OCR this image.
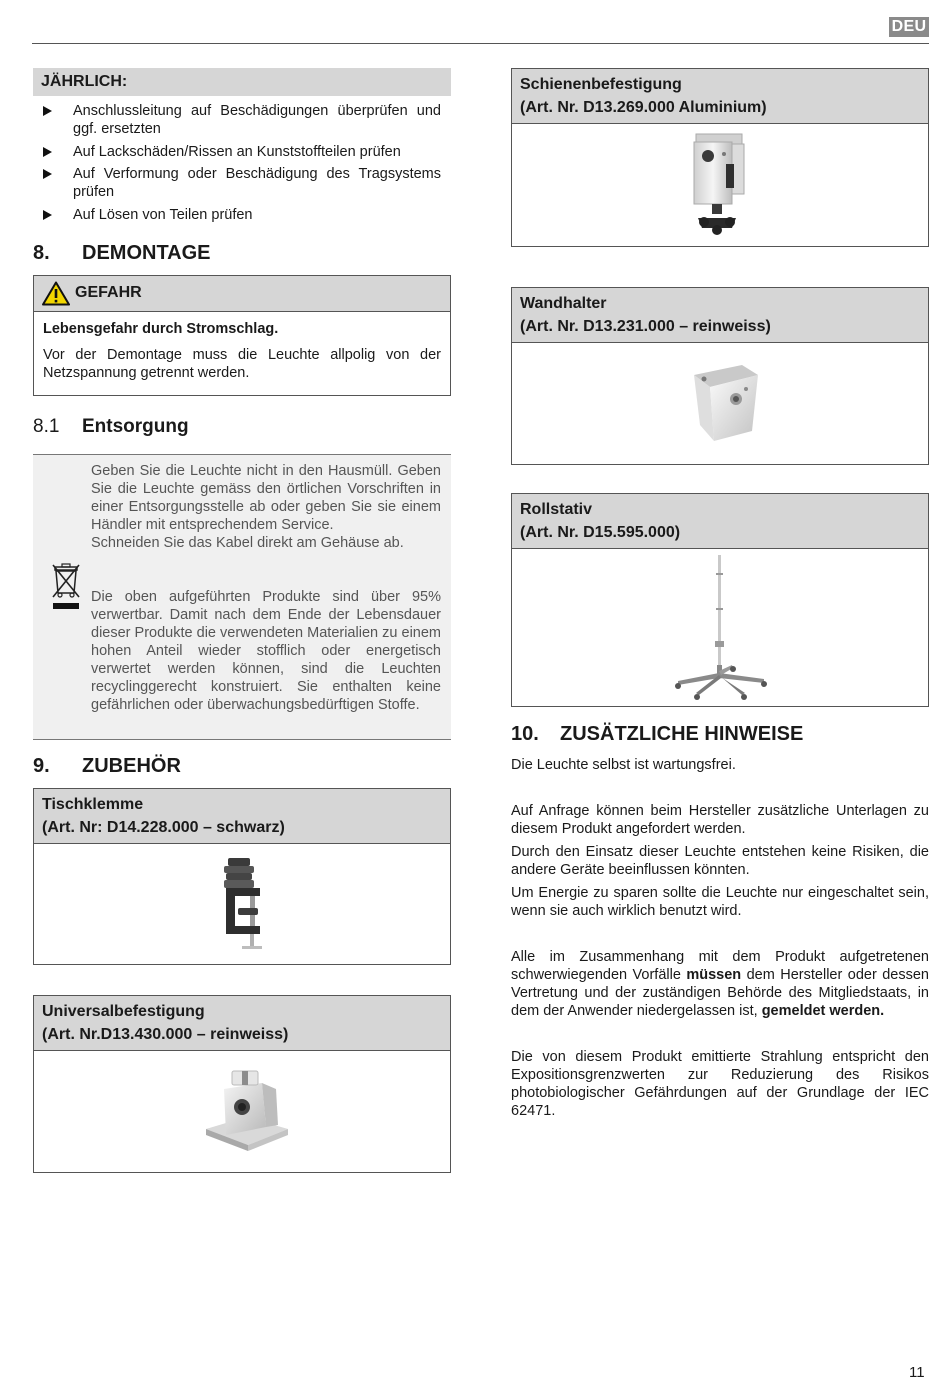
DEU
JÄHRLICH:
Anschlussleitung auf Beschädigungen überprüfen und ggf. ersetzten
Auf Lackschäden/Rissen an Kunststoffteilen prüfen
Auf Verformung oder Beschädigung des Tragsystems prüfen
Auf Lösen von Teilen prüfen
8.	DEMONTAGE
GEFAHR

Lebensgefahr durch Stromschlag.

Vor der Demontage muss die Leuchte allpolig von der Netzspannung getrennt werden.

8.1	Entsorgung

Geben Sie die Leuchte nicht in den Hausmüll. Geben Sie die Leuchte gemäss den örtlichen Vorschriften in einer Entsorgungsstelle ab oder geben Sie sie einem Händler mit entsprechendem Service.

Schneiden Sie das Kabel direkt am Gehäuse ab.

Die oben aufgeführten Produkte sind über 95% verwertbar. Damit nach dem Ende der Lebensdauer dieser Produkte die verwendeten Materialien zu einem hohen Anteil wieder stofflich oder energetisch verwertet werden können, sind die Leuchten recyclinggerecht konstruiert. Sie enthalten keine gefährlichen oder überwachungsbedürftigen Stoffe.

9.	ZUBEHÖR
Tischklemme
(Art. Nr: D14.228.000 – schwarz)
Universalbefestigung
(Art. Nr.D13.430.000 – reinweiss)
Schienenbefestigung
(Art. Nr. D13.269.000 Aluminium)
Wandhalter
(Art. Nr. D13.231.000 – reinweiss)
Rollstativ
(Art. Nr. D15.595.000)
10.	ZUSÄTZLICHE HINWEISE

Die Leuchte selbst ist wartungsfrei.

Auf Anfrage können beim Hersteller zusätzliche Unterlagen zu diesem Produkt angefordert werden.

Durch den Einsatz dieser Leuchte entstehen keine Risiken, die andere Geräte beeinflussen könnten.

Um Energie zu sparen sollte die Leuchte nur eingeschaltet sein, wenn sie auch wirklich benutzt wird.

Alle im Zusammenhang mit dem Produkt aufgetretenen schwerwiegenden Vorfälle müssen dem Hersteller oder dessen Vertretung und der zuständigen Behörde des Mitgliedstaats, in dem der Anwender niedergelassen ist, gemeldet werden.

Die von diesem Produkt emittierte Strahlung entspricht den Expositionsgrenzwerten zur Reduzierung des Risikos photobiologischer Gefährdungen auf der Grundlage der IEC 62471.

11
